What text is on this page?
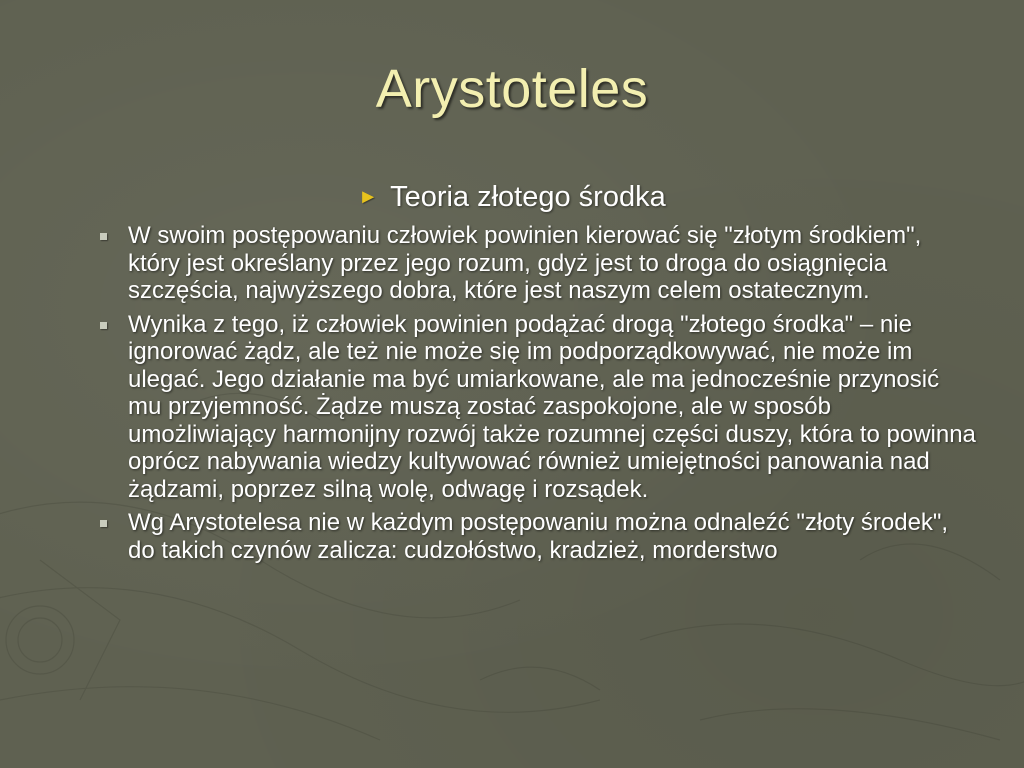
Arystoteles
► Teoria złotego środka
W swoim postępowaniu człowiek powinien kierować się "złotym środkiem", który jest określany przez jego rozum, gdyż jest to droga do osiągnięcia szczęścia, najwyższego dobra, które jest naszym celem ostatecznym.
Wynika z tego, iż człowiek powinien podążać drogą "złotego środka" – nie ignorować żądz, ale też nie może się im podporządkowywać, nie może im ulegać. Jego działanie ma być umiarkowane, ale ma jednocześnie przynosić mu przyjemność. Żądze muszą zostać zaspokojone, ale w sposób umożliwiający harmonijny rozwój także rozumnej części duszy, która to powinna oprócz nabywania wiedzy kultywować również umiejętności panowania nad żądzami, poprzez silną wolę, odwagę i rozsądek.
Wg Arystotelesa nie w każdym postępowaniu można odnaleźć "złoty środek", do takich czynów zalicza: cudzołóstwo, kradzież, morderstwo
